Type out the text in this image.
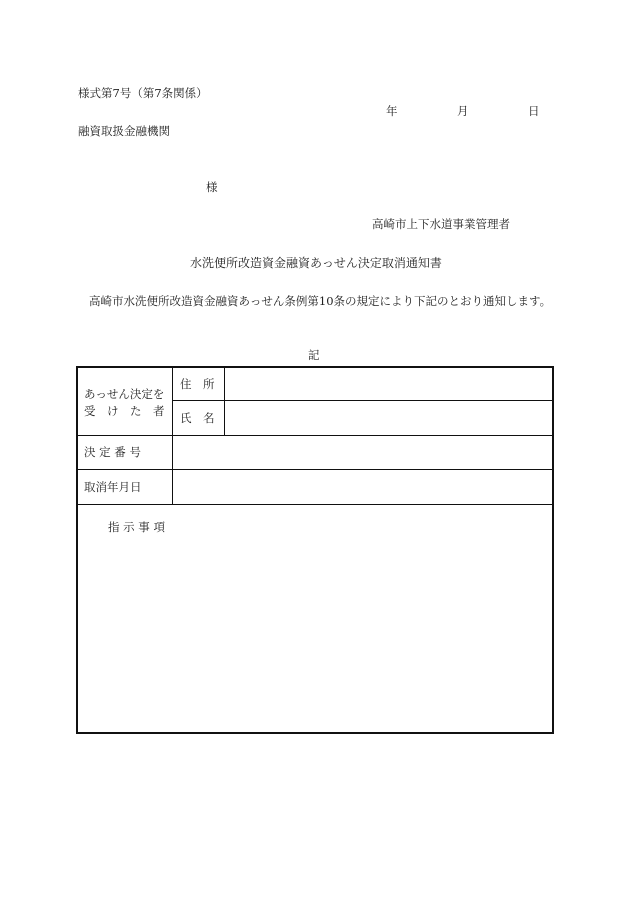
様式第7号（第7条関係）
年	月	日
融資取扱金融機関
様
高崎市上下水道事業管理者
水洗便所改造資金融資あっせん決定取消通知書
高崎市水洗便所改造資金融資あっせん条例第10条の規定により下記のとおり通知します。
記
あっせん決定を
受　け　た　者
住　所
氏　名
決 定 番 号
取消年月日
指 示 事 項
